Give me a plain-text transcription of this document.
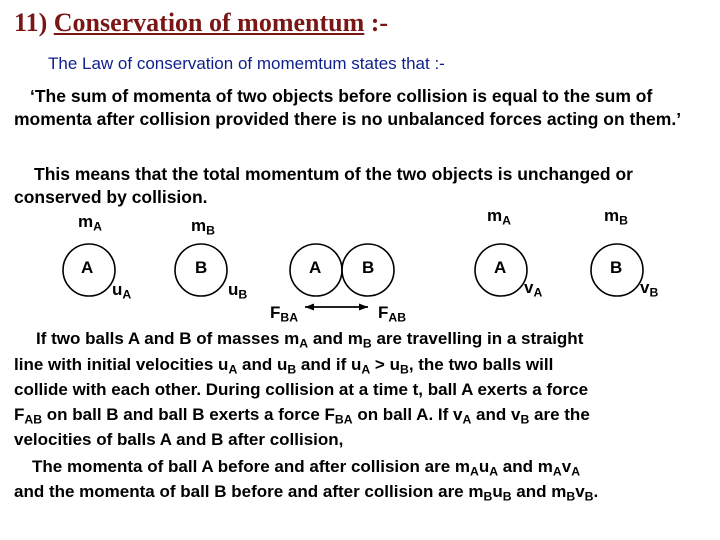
11) Conservation of momentum :-
The Law of conservation of momemtum states that :-

‘The sum of momenta of two objects before collision is equal to the sum of momenta after collision provided there is no unbalanced forces acting on them.’

This means that the total momentum of the two objects is unchanged or conserved by collision.

$m_A$	$m_B$
$m_A$	$m_B$
A	B	A B	A	B
$u_A$	$u_B$	$v_A$	$v_B$
$F_{BA}$	$F_{AB}$
If two balls A and B of masses $m_A$ and $m_B$ are travelling in a straight
line with initial velocities $u_A$ and $u_B$ and if $u_A > u_B$, the two balls will
collide with each other. During collision at a time t, ball A exerts a force
$F_{AB}$ on ball B and ball B exerts a force $F_{BA}$ on ball A. If $v_A$ and $v_B$ are the
velocities of balls A and B after collision,
The momenta of ball A before and after collision are $m_Au_A$ and $m_Av_A$
and the momenta of ball B before and after collision are $m_Bu_B$ and $m_Bv_B$.
